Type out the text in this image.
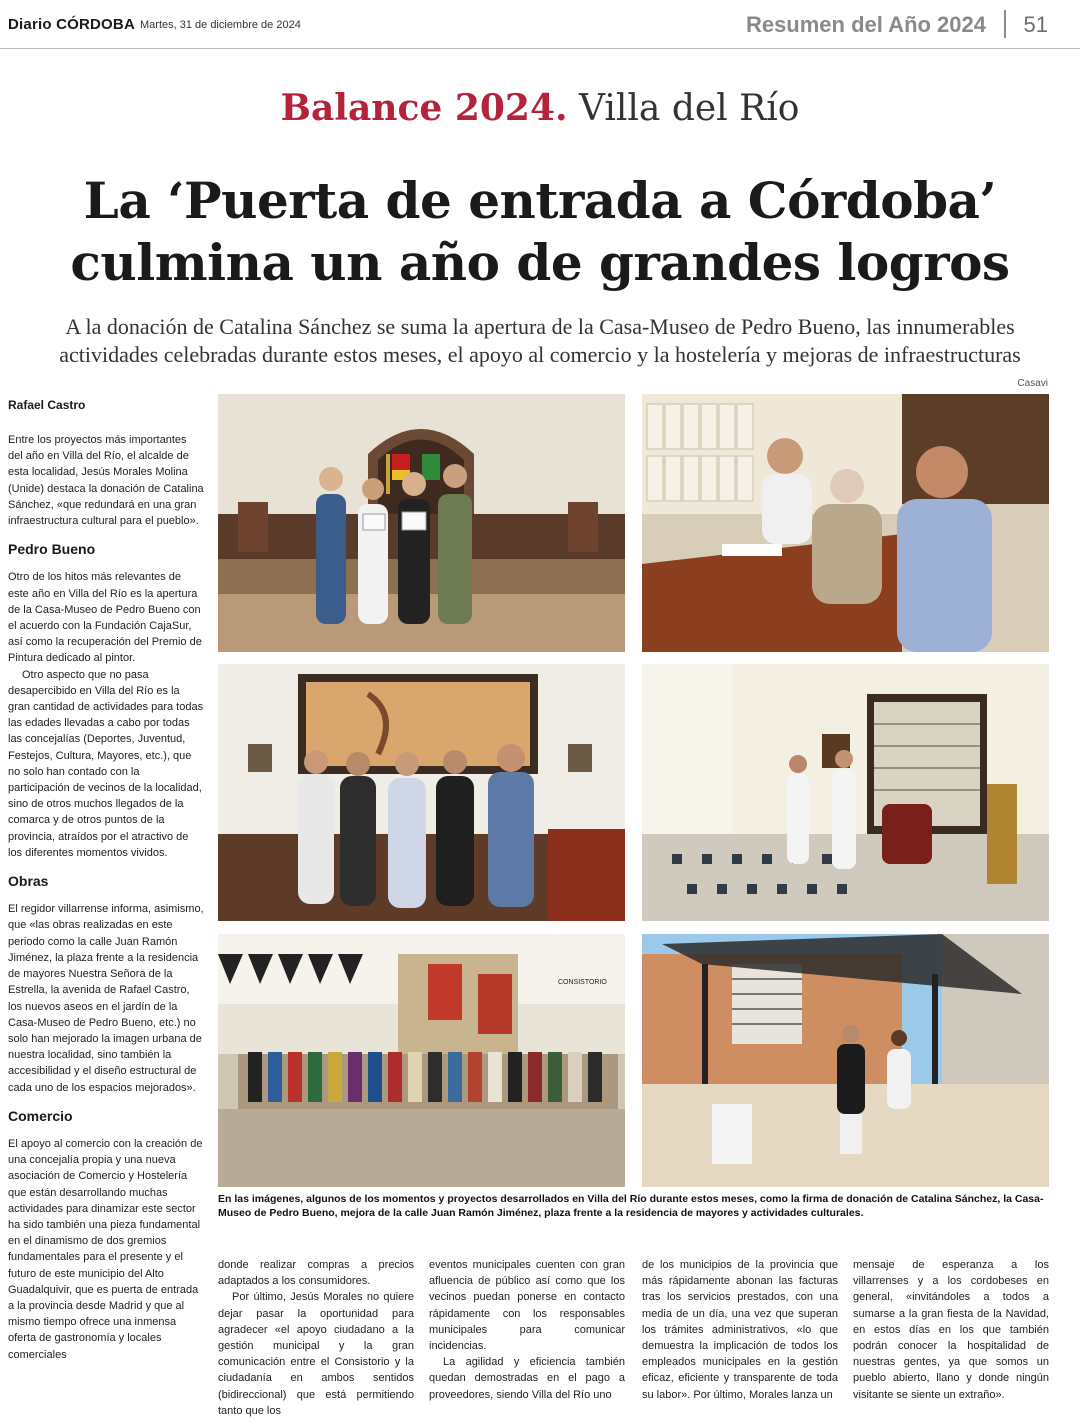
Diario CÓRDOBA Martes, 31 de diciembre de 2024	Resumen del Año 2024 51
Balance 2024. Villa del Río
La ‘Puerta de entrada a Córdoba’
culmina un año de grandes logros
A la donación de Catalina Sánchez se suma la apertura de la Casa-Museo de Pedro Bueno, las innumerables
actividades celebradas durante estos meses, el apoyo al comercio y la hostelería y mejoras de infraestructuras
Casavi
Rafael Castro

Entre los proyectos más importantes del año en Villa del Río, el alcalde de esta localidad, Jesús Morales Molina (Unide) destaca la donación de Catalina Sánchez, «que redundará en una gran infraestructura cultural para el pueblo».

Pedro Bueno

Otro de los hitos más relevantes de este año en Villa del Río es la apertura de la Casa-Museo de Pedro Bueno con el acuerdo con la Fundación CajaSur, así como la recuperación del Premio de Pintura dedicado al pintor.

Otro aspecto que no pasa desapercibido en Villa del Río es la gran cantidad de actividades para todas las edades llevadas a cabo por todas las concejalías (Deportes, Juventud, Festejos, Cultura, Mayores, etc.), que no solo han contado con la participación de vecinos de la localidad, sino de otros muchos llegados de la comarca y de otros puntos de la provincia, atraídos por el atractivo de los diferentes momentos vividos.

Obras

El regidor villarrense informa, asimismo, que «las obras realizadas en este periodo como la calle Juan Ramón Jiménez, la plaza frente a la residencia de mayores Nuestra Señora de la Estrella, la avenida de Rafael Castro, los nuevos aseos en el jardín de la Casa-Museo de Pedro Bueno, etc.) no solo han mejorado la imagen urbana de nuestra localidad, sino también la accesibilidad y el diseño estructural de cada uno de los espacios mejorados».

Comercio

El apoyo al comercio con la creación de una concejalía propia y una nueva asociación de Comercio y Hostelería que están desarrollando muchas actividades para dinamizar este sector ha sido también una pieza fundamental en el dinamismo de dos gremios fundamentales para el presente y el futuro de este municipio del Alto Guadalquivir, que es puerta de entrada a la provincia desde Madrid y que al mismo tiempo ofrece una inmensa oferta de gastronomía y locales comerciales

CONSISTORIO
En las imágenes, algunos de los momentos y proyectos desarrollados en Villa del Río durante estos meses, como la firma de donación de Catalina Sánchez, la Casa-Museo de Pedro Bueno, mejora de la calle Juan Ramón Jiménez, plaza frente a la residencia de mayores y actividades culturales.

donde realizar compras a precios adaptados a los consumidores.

Por último, Jesús Morales no quiere dejar pasar la oportunidad para agradecer «el apoyo ciudadano a la gestión municipal y la gran comunicación entre el Consistorio y la ciudadanía en ambos sentidos (bidireccional) que está permitiendo tanto que los

eventos municipales cuenten con gran afluencia de público así como que los vecinos puedan ponerse en contacto rápidamente con los responsables municipales para comunicar incidencias.

La agilidad y eficiencia también quedan demostradas en el pago a proveedores, siendo Villa del Río uno

de los municipios de la provincia que más rápidamente abonan las facturas tras los servicios prestados, con una media de un día, una vez que superan los trámites administrativos, «lo que demuestra la implicación de todos los empleados municipales en la gestión eficaz, eficiente y transparente de toda su labor». Por último, Morales lanza un

mensaje de esperanza a los villarrenses y a los cordobeses en general, «invitándoles a todos a sumarse a la gran fiesta de la Navidad, en estos días en los que también podrán conocer la hospitalidad de nuestras gentes, ya que somos un pueblo abierto, llano y donde ningún visitante se siente un extraño».
